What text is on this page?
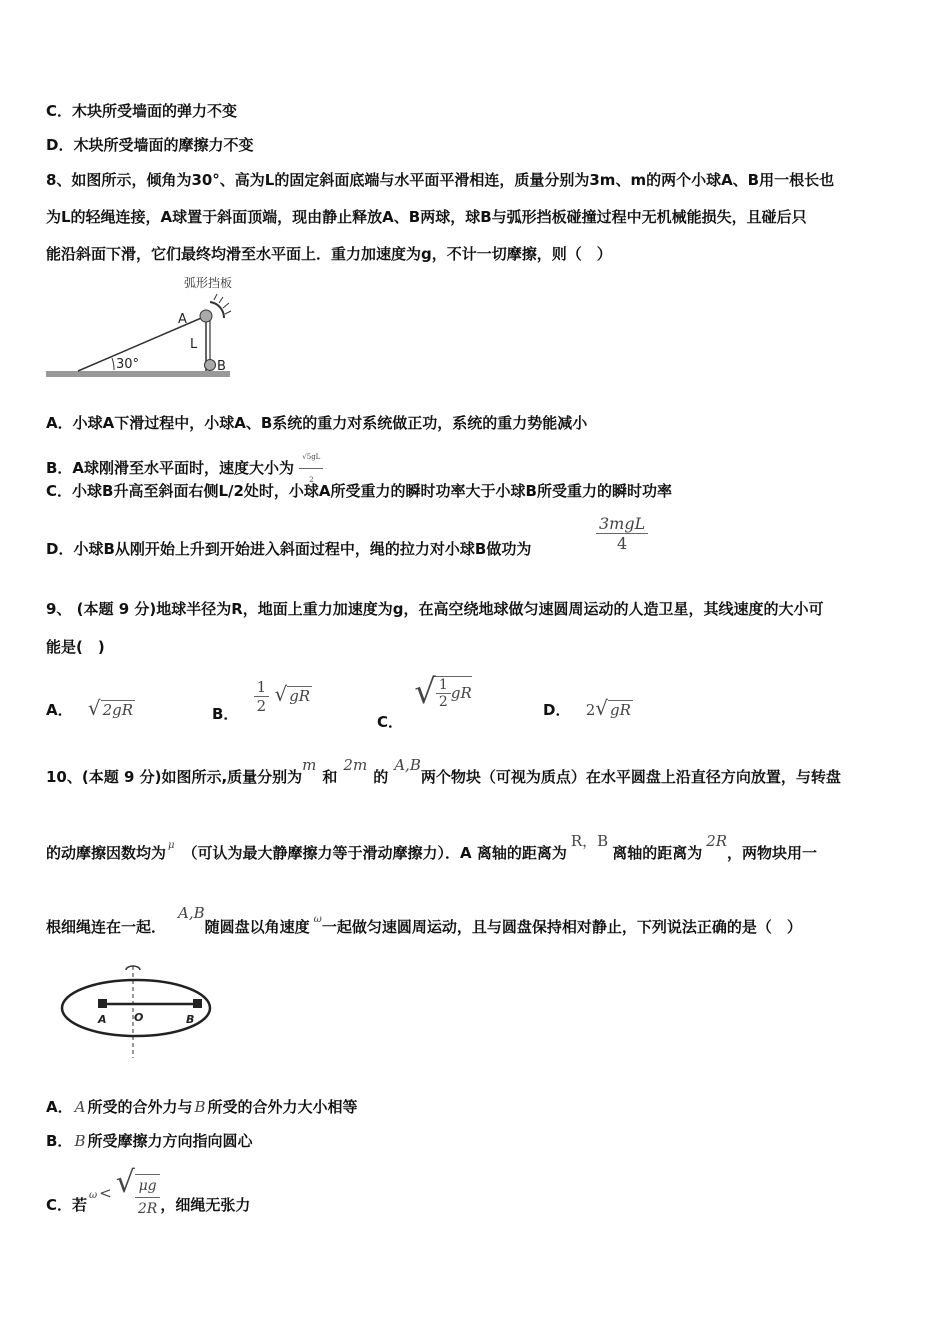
C．木块所受墙面的弹力不变
D．木块所受墙面的摩擦力不变
8、如图所示，倾角为30°、高为L的固定斜面底端与水平面平滑相连，质量分别为3m、m的两个小球A、B用一根长也
为L的轻绳连接，A球置于斜面顶端，现由静止释放A、B两球，球B与弧形挡板碰撞过程中无机械能损失，且碰后只
能沿斜面下滑，它们最终均滑至水平面上．重力加速度为g，不计一切摩擦，则（　）
弧形挡板
A
L
B
30°
A．小球A下滑过程中，小球A、B系统的重力对系统做正功，系统的重力势能减小
B．A球刚滑至水平面时，速度大小为 $\frac{√5gL}{2}$
C．小球B升高至斜面右侧L/2处时，小球A所受重力的瞬时功率大于小球B所受重力的瞬时功率
D．小球B从刚开始上升到开始进入斜面过程中，绳的拉力对小球B做功为
3mgL
4
9、 (本题 9 分)地球半径为R，地面上重力加速度为g，在高空绕地球做匀速圆周运动的人造卫星，其线速度的大小可
能是(　)
A． √ 2gR	B． $\frac{1}{2}$ √ gR
C． √ $\frac{1}{2}$ gR
D． 2√ gR
10、(本题 9 分)如图所示,质量分别为m和2m的A,B两个物块（可视为质点）在水平圆盘上沿直径方向放置，与转盘
的动摩擦因数均为 $^\mu$ （可认为最大静摩擦力等于滑动摩擦力）．A 离轴的距离为R，B离轴的距离为2R，两物块用一
根细绳连在一起．A,B随圆盘以角速度 $^\omega$一起做匀速圆周运动，且与圆盘保持相对静止，下列说法正确的是（　）
A O	B
A． A 所受的合外力与 B 所受的合外力大小相等
B． B 所受摩擦力方向指向圆心
C．若$_\omega$ < √ $\frac{\mu g}{2R}$ ，细绳无张力
